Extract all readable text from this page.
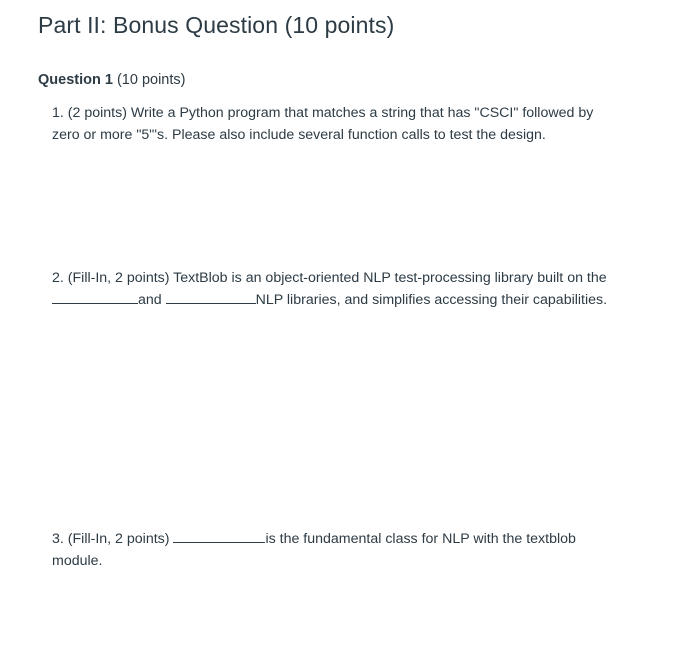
Part II: Bonus Question (10 points)
Question 1 (10 points)
1. (2 points) Write a Python program that matches a string that has "CSCI" followed by zero or more "5"'s. Please also include several function calls to test the design.
2. (Fill-In, 2 points) TextBlob is an object-oriented NLP test-processing library built on theand	NLP libraries, and simplifies accessing their capabilities.
3. (Fill-In, 2 points)	is the fundamental class for NLP with the textblob module.
